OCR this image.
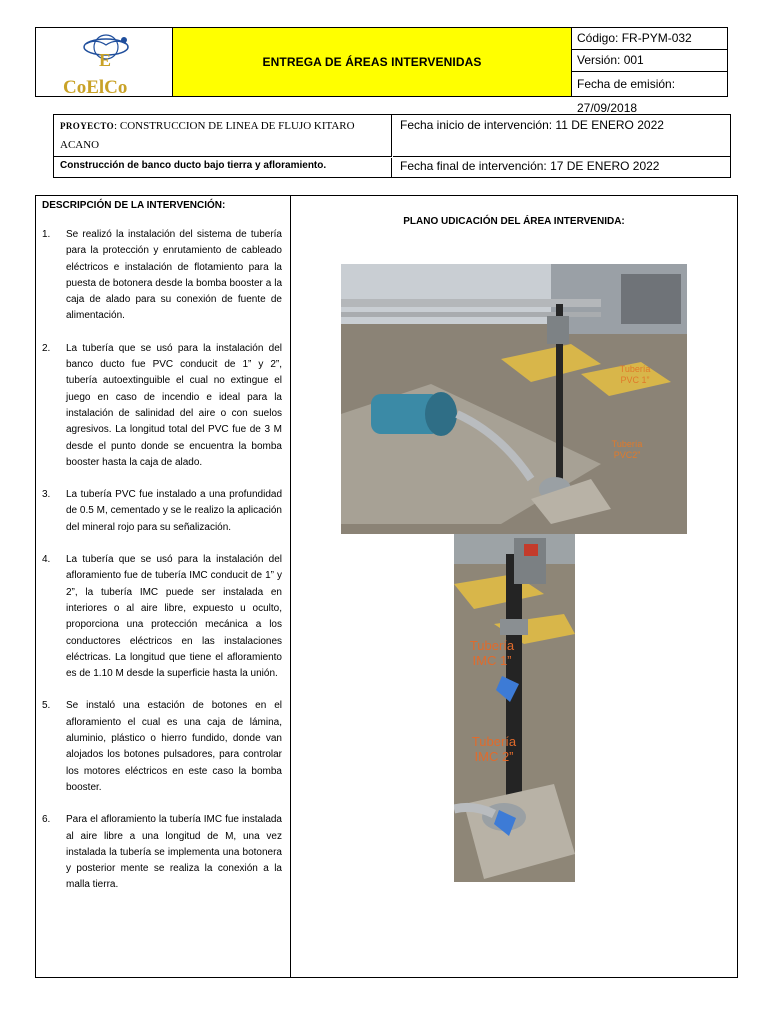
E
CoElCo
ENTREGA DE ÁREAS INTERVENIDAS
Código: FR-PYM-032
Versión: 001
Fecha de emisión: 27/09/2018
PROYECTO: CONSTRUCCION DE LINEA DE FLUJO KITARO ACANO
Fecha inicio de intervención: 11 DE ENERO 2022
Construcción de banco ducto bajo tierra y afloramiento.	Fecha final de intervención: 17 DE ENERO 2022
DESCRIPCIÓN DE LA INTERVENCIÓN:
1. Se realizó la instalación del sistema de tubería para la protección y enrutamiento de cableado eléctricos e instalación de flotamiento para la puesta de botonera desde la bomba booster a la caja de alado para su conexión de fuente de alimentación.
2. La tubería que se usó para la instalación del banco ducto fue PVC conducit de 1” y 2”, tubería autoextinguible el cual no extingue el juego en caso de incendio e ideal para la instalación de salinidad del aire o con suelos agresivos. La longitud total del PVC fue de 3 M desde el punto donde se encuentra la bomba booster hasta la caja de alado.
3. La tubería PVC fue instalado a una profundidad de 0.5 M, cementado y se le realizo la aplicación del mineral rojo para su señalización.
4. La tubería que se usó para la instalación del afloramiento fue de tubería IMC conducit de 1” y 2”, la tubería IMC puede ser instalada en interiores o al aire libre, expuesto u oculto, proporciona una protección mecánica a los conductores eléctricos en las instalaciones eléctricas. La longitud que tiene el afloramiento es de 1.10 M desde la superficie hasta la unión.
5. Se instaló una estación de botones en el afloramiento el cual es una caja de lámina, aluminio, plástico o hierro fundido, donde van alojados los botones pulsadores, para controlar los motores eléctricos en este caso la bomba booster.
6. Para el afloramiento la tubería IMC fue instalada al aire libre a una longitud de M, una vez instalada la tubería se implementa una botonera y posterior mente se realiza la conexión a la malla tierra.
PLANO UDICACIÓN DEL ÁREA INTERVENIDA:
Tubería PVC 1”
Tubería PVC2”
Tubería IMC 1”
Tubería IMC 2”
